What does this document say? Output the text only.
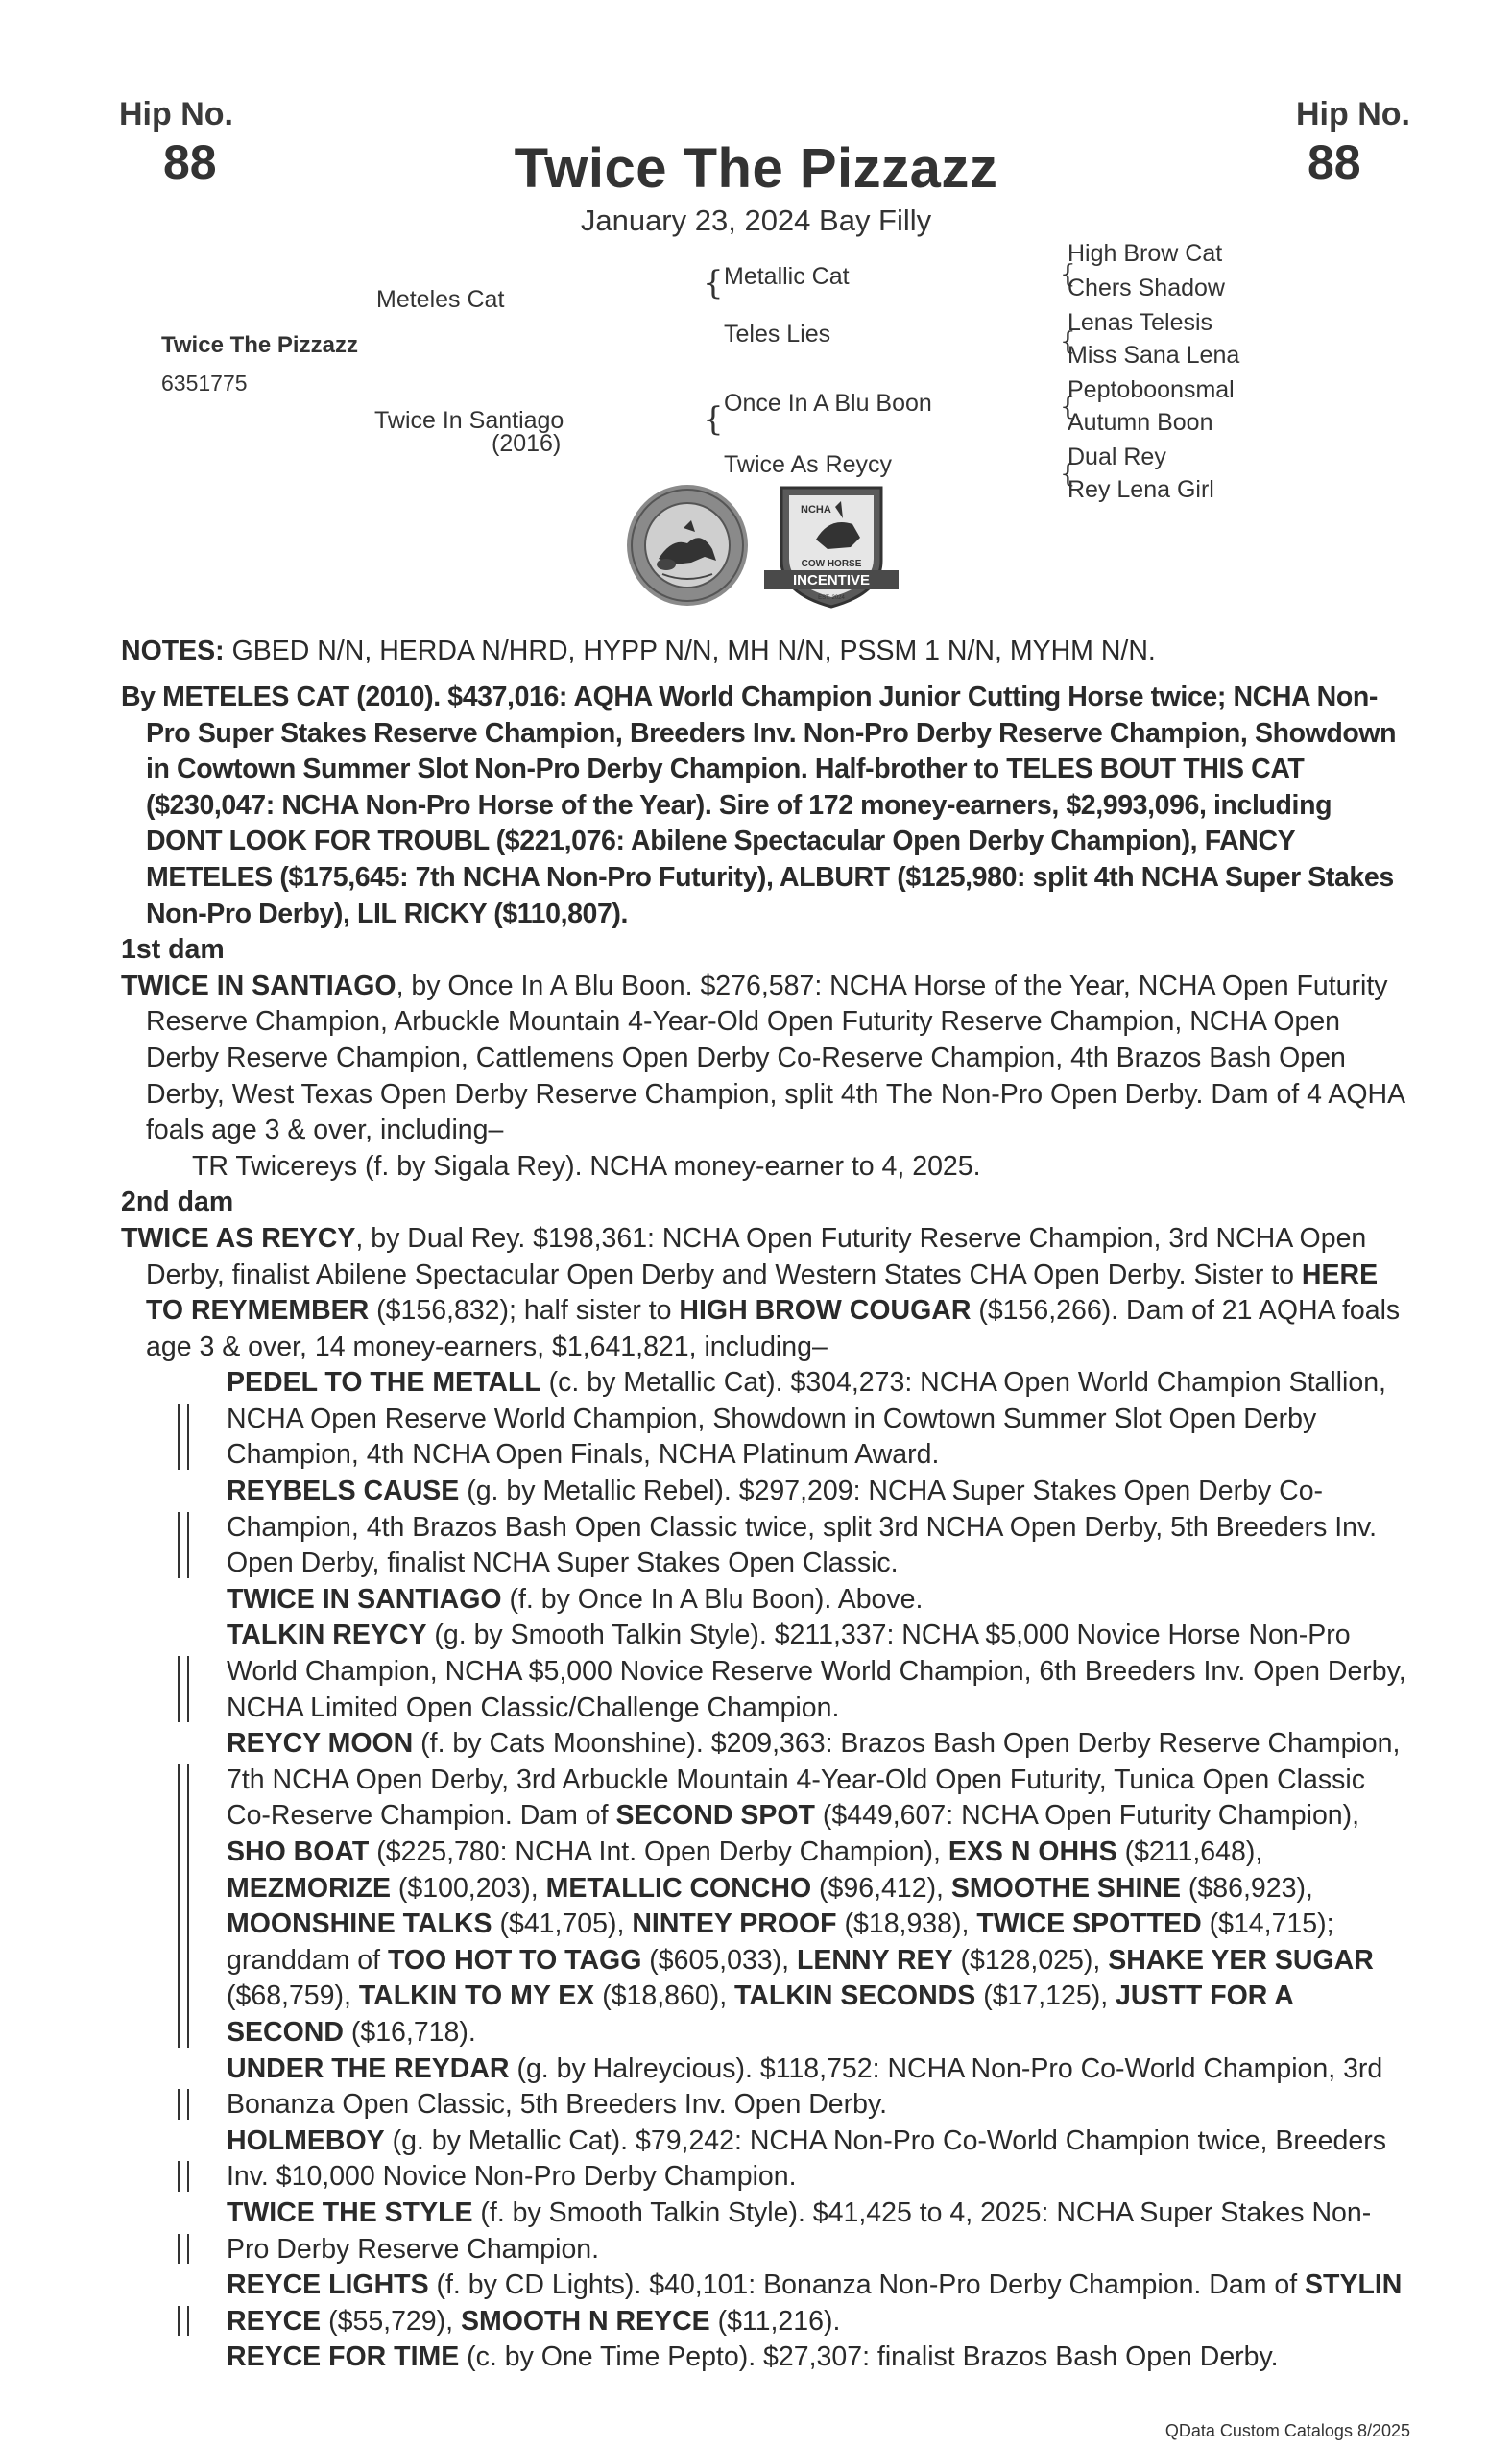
Hip No.
88
Hip No.
88
Twice The Pizzazz
January 23, 2024 Bay Filly
Twice The Pizzazz
6351775
Meteles Cat
Twice In Santiago
(2016)
{ Metallic Cat
Teles Lies
{ Once In A Blu Boon
Twice As Reycy
{
High Brow Cat
Chers Shadow
{
Lenas Telesis
Miss Sana Lena
{
Peptoboonsmal
Autumn Boon
{
Dual Rey
Rey Lena Girl
NCHA
COW HORSE
INCENTIVE
EST. 2024
NOTES: GBED N/N, HERDA N/HRD, HYPP N/N, MH N/N, PSSM 1 N/N, MYHM N/N.

By METELES CAT (2010). $437,016: AQHA World Champion Junior Cutting Horse twice; NCHA Non-Pro Super Stakes Reserve Champion, Breeders Inv. Non-Pro Derby Reserve Champion, Showdown in Cowtown Summer Slot Non-Pro Derby Champion. Half-brother to TELES BOUT THIS CAT ($230,047: NCHA Non-Pro Horse of the Year). Sire of 172 money-earners, $2,993,096, including DONT LOOK FOR TROUBL ($221,076: Abilene Spectacular Open Derby Champion), FANCY METELES ($175,645: 7th NCHA Non-Pro Futurity), ALBURT ($125,980: split 4th NCHA Super Stakes Non-Pro Derby), LIL RICKY ($110,807).

1st dam

TWICE IN SANTIAGO, by Once In A Blu Boon. $276,587: NCHA Horse of the Year, NCHA Open Futurity Reserve Champion, Arbuckle Mountain 4-Year-Old Open Futurity Reserve Champion, NCHA Open Derby Reserve Champion, Cattlemens Open Derby Co-Reserve Champion, 4th Brazos Bash Open Derby, West Texas Open Derby Reserve Champion, split 4th The Non-Pro Open Derby. Dam of 4 AQHA foals age 3 & over, including–

TR Twicereys (f. by Sigala Rey). NCHA money-earner to 4, 2025.

2nd dam

TWICE AS REYCY, by Dual Rey. $198,361: NCHA Open Futurity Reserve Champion, 3rd NCHA Open Derby, finalist Abilene Spectacular Open Derby and Western States CHA Open Derby. Sister to HERE TO REYMEMBER ($156,832); half sister to HIGH BROW COUGAR ($156,266). Dam of 21 AQHA foals age 3 & over, 14 money-earners, $1,641,821, including–

PEDEL TO THE METALL (c. by Metallic Cat). $304,273: NCHA Open World Champion Stallion, NCHA Open Reserve World Champion, Showdown in Cowtown Summer Slot Open Derby Champion, 4th NCHA Open Finals, NCHA Platinum Award.
REYBELS CAUSE (g. by Metallic Rebel). $297,209: NCHA Super Stakes Open Derby Co-Champion, 4th Brazos Bash Open Classic twice, split 3rd NCHA Open Derby, 5th Breeders Inv. Open Derby, finalist NCHA Super Stakes Open Classic.
TWICE IN SANTIAGO (f. by Once In A Blu Boon). Above.
TALKIN REYCY (g. by Smooth Talkin Style). $211,337: NCHA $5,000 Novice Horse Non-Pro World Champion, NCHA $5,000 Novice Reserve World Champion, 6th Breeders Inv. Open Derby, NCHA Limited Open Classic/Challenge Champion.
REYCY MOON (f. by Cats Moonshine). $209,363: Brazos Bash Open Derby Reserve Champion, 7th NCHA Open Derby, 3rd Arbuckle Mountain 4-Year-Old Open Futurity, Tunica Open Classic Co-Reserve Champion. Dam of SECOND SPOT ($449,607: NCHA Open Futurity Champion), SHO BOAT ($225,780: NCHA Int. Open Derby Champion), EXS N OHHS ($211,648), MEZMORIZE ($100,203), METALLIC CONCHO ($96,412), SMOOTHE SHINE ($86,923), MOONSHINE TALKS ($41,705), NINTEY PROOF ($18,938), TWICE SPOTTED ($14,715); granddam of TOO HOT TO TAGG ($605,033), LENNY REY ($128,025), SHAKE YER SUGAR ($68,759), TALKIN TO MY EX ($18,860), TALKIN SECONDS ($17,125), JUSTT FOR A SECOND ($16,718).
UNDER THE REYDAR (g. by Halreycious). $118,752: NCHA Non-Pro Co-World Champion, 3rd Bonanza Open Classic, 5th Breeders Inv. Open Derby.
HOLMEBOY (g. by Metallic Cat). $79,242: NCHA Non-Pro Co-World Champion twice, Breeders Inv. $10,000 Novice Non-Pro Derby Champion.
TWICE THE STYLE (f. by Smooth Talkin Style). $41,425 to 4, 2025: NCHA Super Stakes Non-Pro Derby Reserve Champion.
REYCE LIGHTS (f. by CD Lights). $40,101: Bonanza Non-Pro Derby Champion. Dam of STYLIN REYCE ($55,729), SMOOTH N REYCE ($11,216).
REYCE FOR TIME (c. by One Time Pepto). $27,307: finalist Brazos Bash Open Derby.
QData Custom Catalogs 8/2025
